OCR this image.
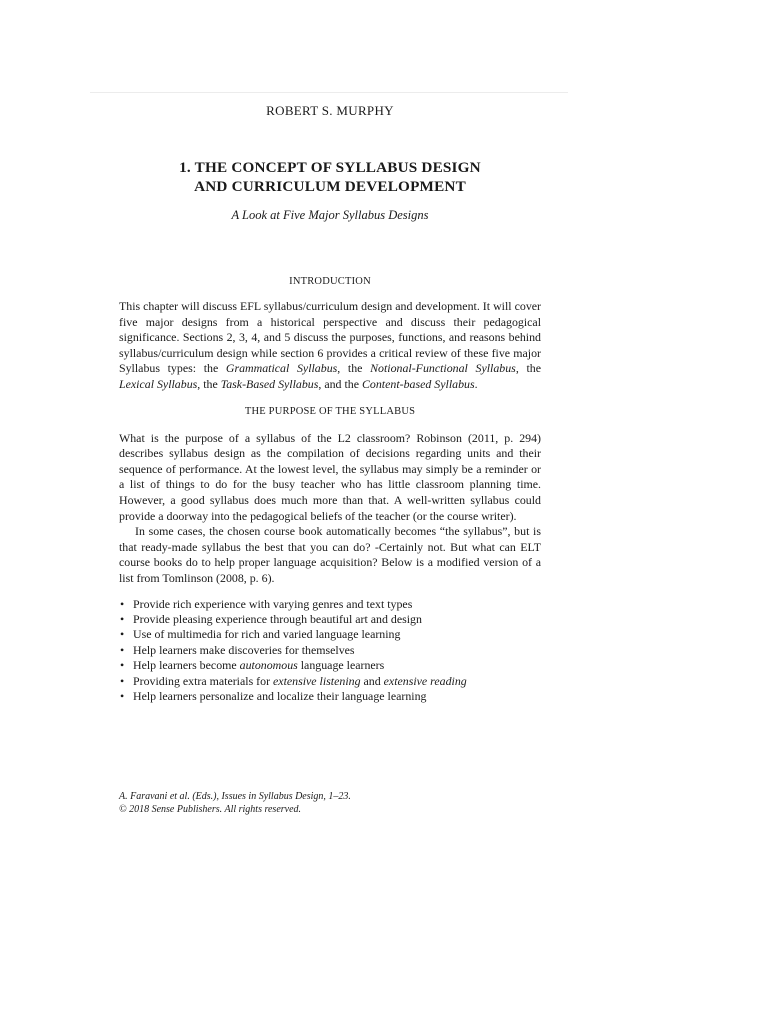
ROBERT S. MURPHY
1. THE CONCEPT OF SYLLABUS DESIGN
AND CURRICULUM DEVELOPMENT
A Look at Five Major Syllabus Designs
INTRODUCTION

This chapter will discuss EFL syllabus/curriculum design and development. It will cover five major designs from a historical perspective and discuss their pedagogical significance. Sections 2, 3, 4, and 5 discuss the purposes, functions, and reasons behind syllabus/curriculum design while section 6 provides a critical review of these five major Syllabus types: the Grammatical Syllabus, the Notional-Functional Syllabus, the Lexical Syllabus, the Task-Based Syllabus, and the Content-based Syllabus.

THE PURPOSE OF THE SYLLABUS

What is the purpose of a syllabus of the L2 classroom? Robinson (2011, p. 294) describes syllabus design as the compilation of decisions regarding units and their sequence of performance. At the lowest level, the syllabus may simply be a reminder or a list of things to do for the busy teacher who has little classroom planning time. However, a good syllabus does much more than that. A well-written syllabus could provide a doorway into the pedagogical beliefs of the teacher (or the course writer).

In some cases, the chosen course book automatically becomes “the syllabus”, but is that ready-made syllabus the best that you can do? -Certainly not. But what can ELT course books do to help proper language acquisition? Below is a modified version of a list from Tomlinson (2008, p. 6).

• Provide rich experience with varying genres and text types
• Provide pleasing experience through beautiful art and design
• Use of multimedia for rich and varied language learning
• Help learners make discoveries for themselves
• Help learners become autonomous language learners
• Providing extra materials for extensive listening and extensive reading
• Help learners personalize and localize their language learning
A. Faravani et al. (Eds.), Issues in Syllabus Design, 1–23.
© 2018 Sense Publishers. All rights reserved.
